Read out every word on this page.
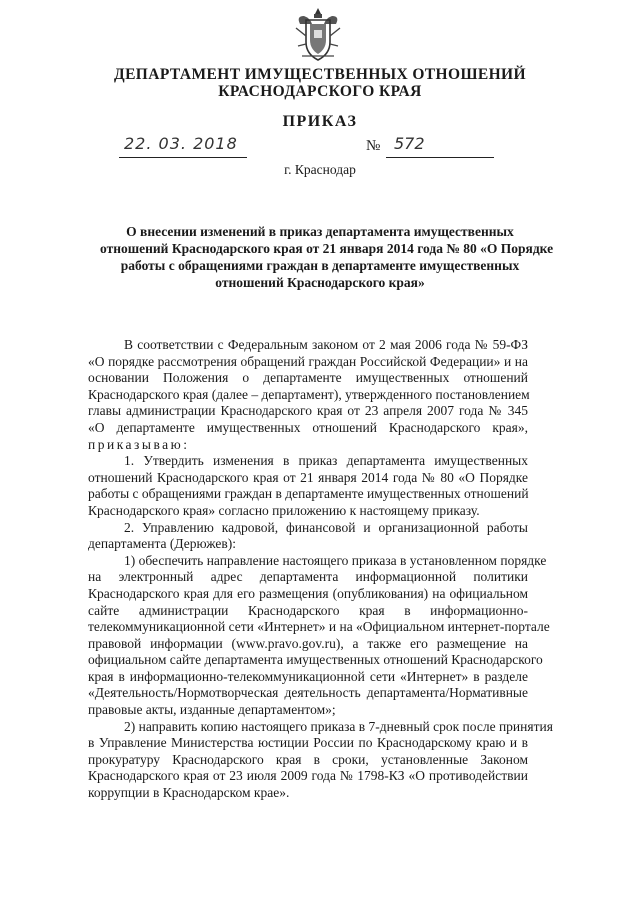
ДЕПАРТАМЕНТ ИМУЩЕСТВЕННЫХ ОТНОШЕНИЙ
КРАСНОДАРСКОГО КРАЯ
ПРИКАЗ
22. 03. 2018	№ 572
г. Краснодар
О внесении изменений в приказ департамента имущественных
отношений Краснодарского края от 21 января 2014 года № 80 «О Порядке
работы с обращениями граждан в департаменте имущественных
отношений Краснодарского края»
В соответствии с Федеральным законом от 2 мая 2006 года № 59-ФЗ
«О порядке рассмотрения обращений граждан Российской Федерации» и на
основании Положения о департаменте имущественных отношений
Краснодарского края (далее – департамент), утвержденного постановлением
главы администрации Краснодарского края от 23 апреля 2007 года № 345
«О департаменте имущественных отношений Краснодарского края»,
приказываю:
1. Утвердить изменения в приказ департамента имущественных
отношений Краснодарского края от 21 января 2014 года № 80 «О Порядке
работы с обращениями граждан в департаменте имущественных отношений
Краснодарского края» согласно приложению к настоящему приказу.
2. Управлению кадровой, финансовой и организационной работы
департамента (Дерюжев):
1) обеспечить направление настоящего приказа в установленном порядке
на электронный адрес департамента информационной политики
Краснодарского края для его размещения (опубликования) на официальном
сайте администрации Краснодарского края в информационно-
телекоммуникационной сети «Интернет» и на «Официальном интернет-портале
правовой информации (www.pravo.gov.ru), а также его размещение на
официальном сайте департамента имущественных отношений Краснодарского
края в информационно-телекоммуникационной сети «Интернет» в разделе
«Деятельность/Нормотворческая деятельность департамента/Нормативные
правовые акты, изданные департаментом»;
2) направить копию настоящего приказа в 7-дневный срок после принятия
в Управление Министерства юстиции России по Краснодарскому краю и в
прокуратуру Краснодарского края в сроки, установленные Законом
Краснодарского края от 23 июля 2009 года № 1798-КЗ «О противодействии
коррупции в Краснодарском крае».
